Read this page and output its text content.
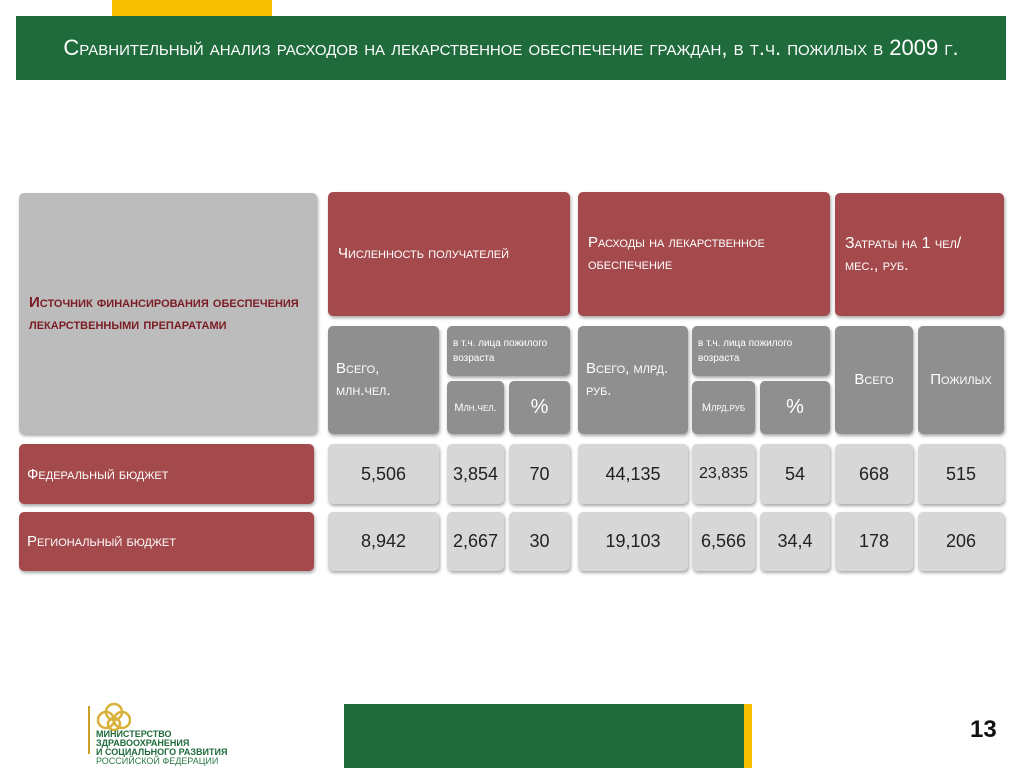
Сравнительный анализ расходов на лекарственное обеспечение граждан, в т.ч. пожилых в 2009 г.
Источник финансирования обеспечения лекарственными препаратами
Численность получателей
Расходы на лекарственное обеспечение
Затраты на 1 чел/мес., руб.
Всего, млн.чел.
в т.ч. лица пожилого возраста
Млн.чел.	%
Всего, млрд. руб.
в т.ч. лица пожилого возраста
Млрд.руб	%
Всего	Пожилых
Федеральный бюджет	5,506	3,854	70	44,135	23,835	54	668	515
Региональный бюджет	8,942	2,667	30	19,103	6,566	34,4	178	206
МИНИСТЕРСТВО
ЗДРАВООХРАНЕНИЯ
И СОЦИАЛЬНОГО РАЗВИТИЯ
РОССИЙСКОЙ ФЕДЕРАЦИИ
13
